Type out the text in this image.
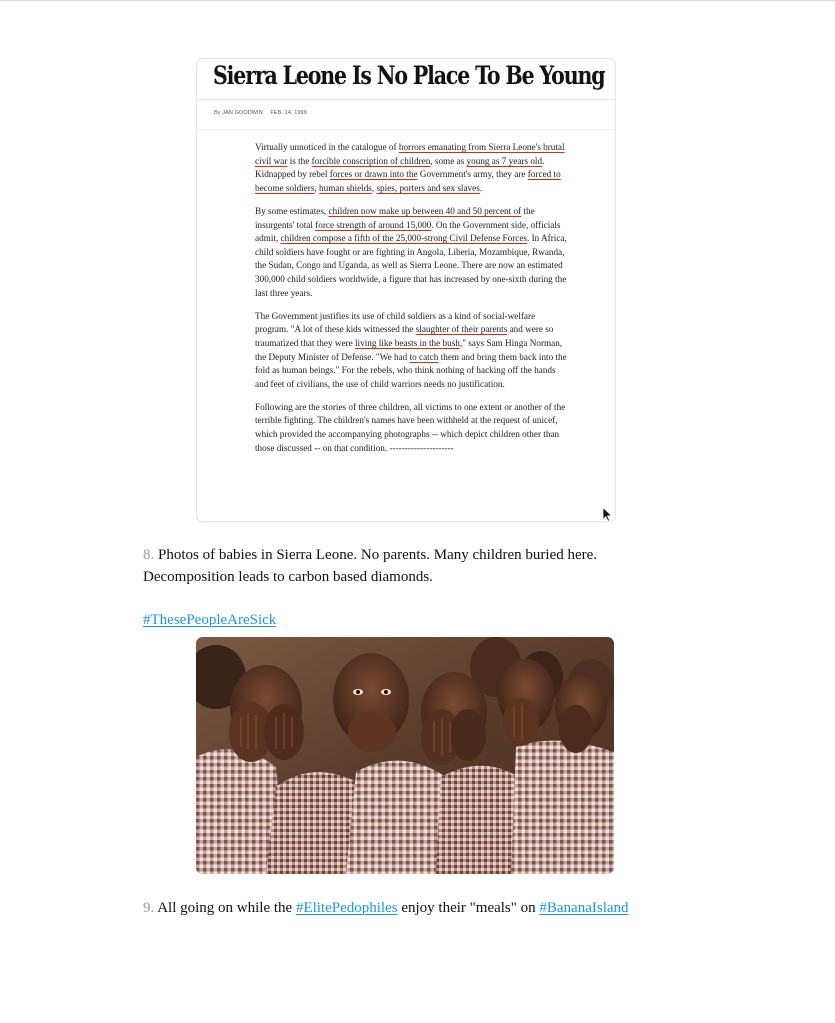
Sierra Leone Is No Place To Be Young
By JAN GOODWIN FEB. 14, 1999

Virtually unnoticed in the catalogue of horrors emanating from Sierra Leone's brutal civil war is the forcible conscription of children, some as young as 7 years old. Kidnapped by rebel forces or drawn into the Government's army, they are forced to become soldiers, human shields, spies, porters and sex slaves.

By some estimates, children now make up between 40 and 50 percent of the insurgents' total force strength of around 15,000. On the Government side, officials admit, children compose a fifth of the 25,000-strong Civil Defense Forces. In Africa, child soldiers have fought or are fighting in Angola, Liberia, Mozambique, Rwanda, the Sudan, Congo and Uganda, as well as Sierra Leone. There are now an estimated 300,000 child soldiers worldwide, a figure that has increased by one-sixth during the last three years.

The Government justifies its use of child soldiers as a kind of social-welfare program. "A lot of these kids witnessed the slaughter of their parents and were so traumatized that they were living like beasts in the bush," says Sam Hinga Norman, the Deputy Minister of Defense. "We had to catch them and bring them back into the fold as human beings." For the rebels, who think nothing of hacking off the hands and feet of civilians, the use of child warriors needs no justification.

Following are the stories of three children, all victims to one extent or another of the terrible fighting. The children's names have been withheld at the request of unicef, which provided the accompanying photographs -- which depict children other than those discussed -- on that condition. ---------------------

8. Photos of babies in Sierra Leone. No parents. Many children buried here. Decomposition leads to carbon based diamonds.
#ThesePeopleAreSick
9. All going on while the #ElitePedophiles enjoy their "meals" on #BananaIsland
